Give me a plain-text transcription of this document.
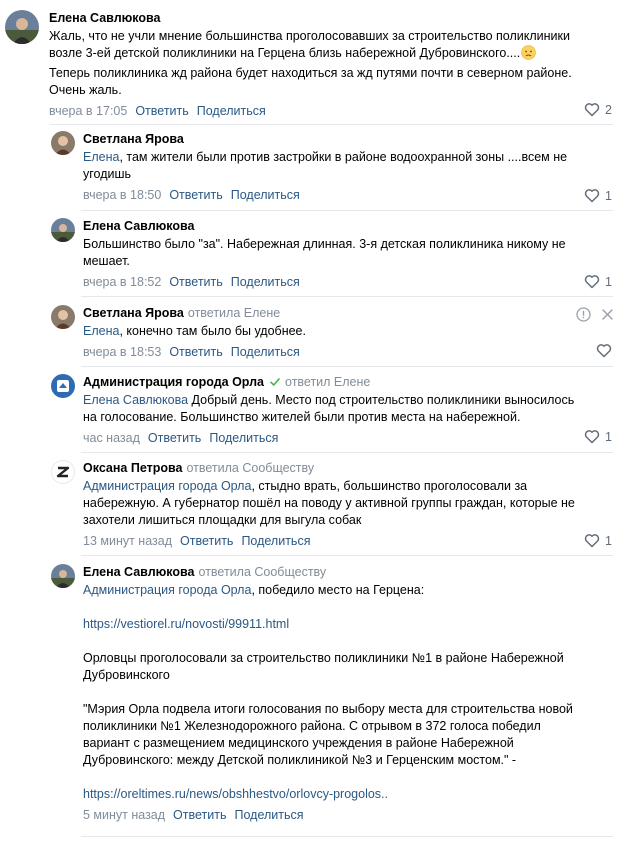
Елена Савлюкова
Жаль, что не учли мнение большинства проголосовавших за строительство поликлиники
возле 3-ей детской поликлиники на Герцена близь набережной Дубровинского....
Теперь поликлиника жд района будет находиться за жд путями почти в северном районе.
Очень жаль.
вчера в 17:05 Ответить Поделиться	2
Светлана Ярова
Елена, там жители были против застройки в районе водоохранной зоны ....всем не
угодишь
вчера в 18:50 Ответить Поделиться	1
Елена Савлюкова
Большинство было "за". Набережная длинная. 3-я детская поликлиника никому не
мешает.
вчера в 18:52 Ответить Поделиться	1
Светлана Ярова ответила Елене
Елена, конечно там было бы удобнее.
вчера в 18:53 Ответить Поделиться
Администрация города Орла ответил Елене
Елена Савлюкова Добрый день. Место под строительство поликлиники выносилось
на голосование. Большинство жителей были против места на набережной.
час назад Ответить Поделиться	1
Оксана Петрова ответила Сообществу
Администрация города Орла, стыдно врать, большинство проголосовали за
набережную. А губернатор пошёл на поводу у активной группы граждан, которые не
захотели лишиться площадки для выгула собак
13 минут назад Ответить Поделиться	1
Елена Савлюкова ответила Сообществу
Администрация города Орла, победило место на Герцена:
https://vestiorel.ru/novosti/99911.html
Орловцы проголосовали за строительство поликлиники №1 в районе Набережной
Дубровинского
"Мэрия Орла подвела итоги голосования по выбору места для строительства новой
поликлиники №1 Железнодорожного района. С отрывом в 372 голоса победил
вариант с размещением медицинского учреждения в районе Набережной
Дубровинского: между Детской поликлиникой №3 и Герценским мостом." -
https://oreltimes.ru/news/obshhestvo/orlovcy-progolos..
5 минут назад Ответить Поделиться
